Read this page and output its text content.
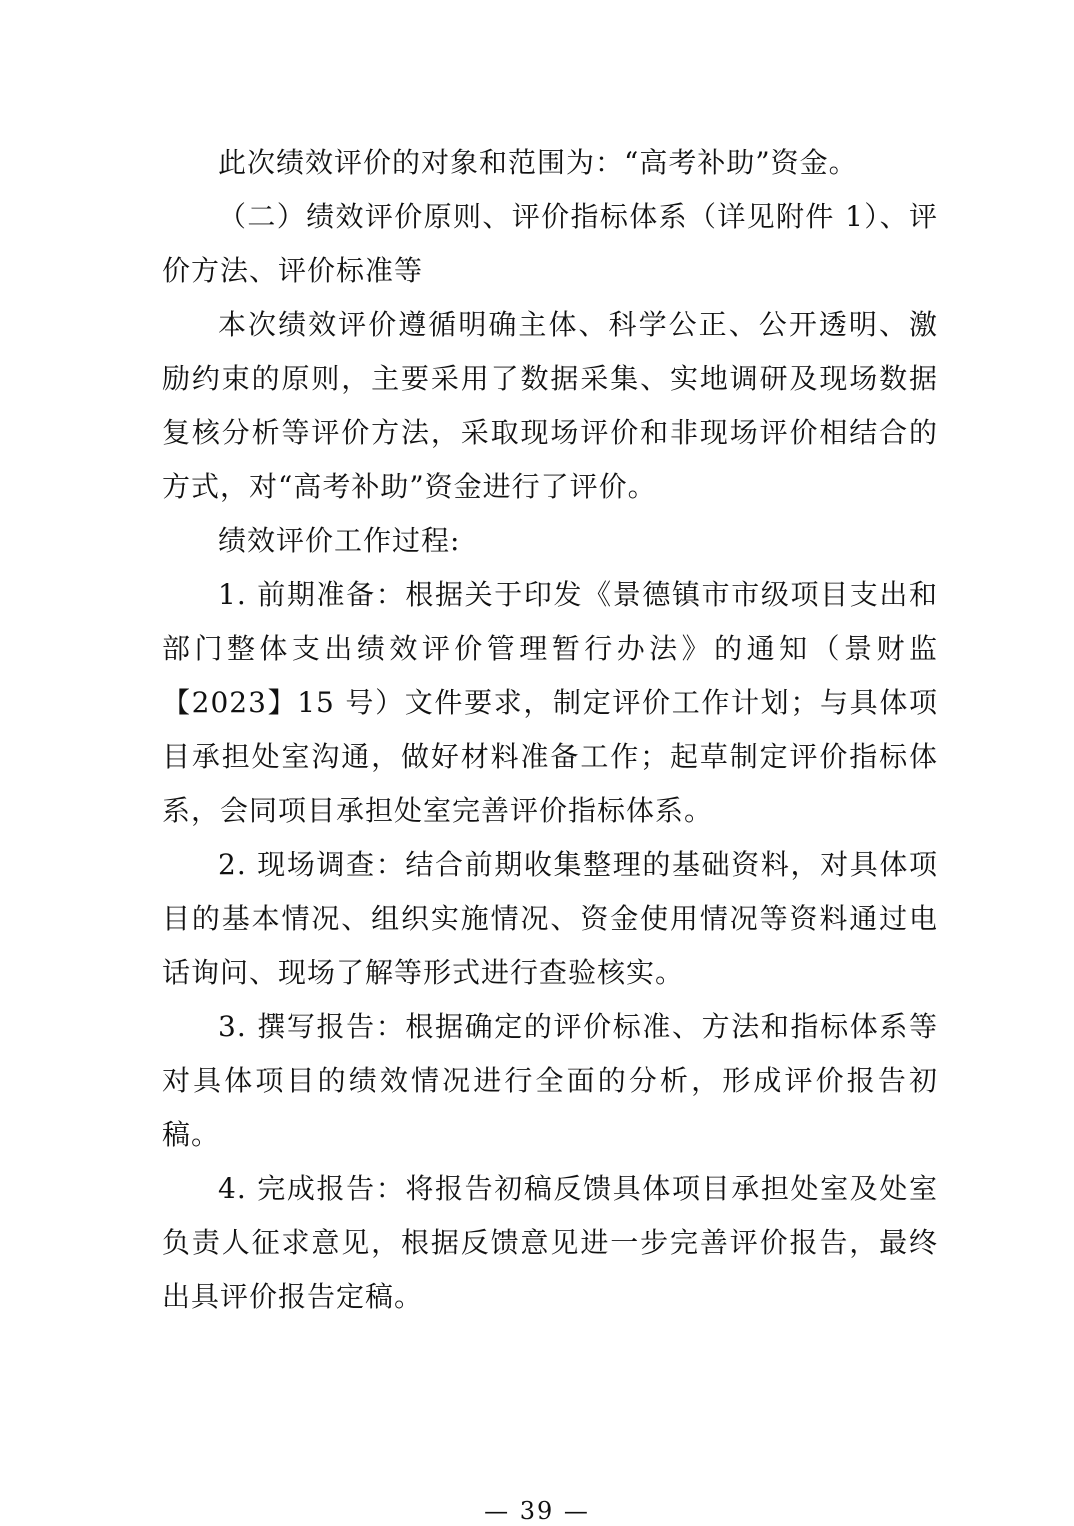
此次绩效评价的对象和范围为：“高考补助”资金。

（二）绩效评价原则、评价指标体系（详见附件 1）、评价方法、评价标准等

本次绩效评价遵循明确主体、科学公正、公开透明、激励约束的原则，主要采用了数据采集、实地调研及现场数据复核分析等评价方法，采取现场评价和非现场评价相结合的方式，对“高考补助”资金进行了评价。

绩效评价工作过程:

1. 前期准备：根据关于印发《景德镇市市级项目支出和部门整体支出绩效评价管理暂行办法》的通知（景财监【2023】15 号）文件要求，制定评价工作计划；与具体项目承担处室沟通，做好材料准备工作；起草制定评价指标体系，会同项目承担处室完善评价指标体系。

2. 现场调查：结合前期收集整理的基础资料，对具体项目的基本情况、组织实施情况、资金使用情况等资料通过电话询问、现场了解等形式进行查验核实。

3. 撰写报告：根据确定的评价标准、方法和指标体系等对具体项目的绩效情况进行全面的分析，形成评价报告初稿。

4. 完成报告：将报告初稿反馈具体项目承担处室及处室负责人征求意见，根据反馈意见进一步完善评价报告，最终出具评价报告定稿。

— 39 —
